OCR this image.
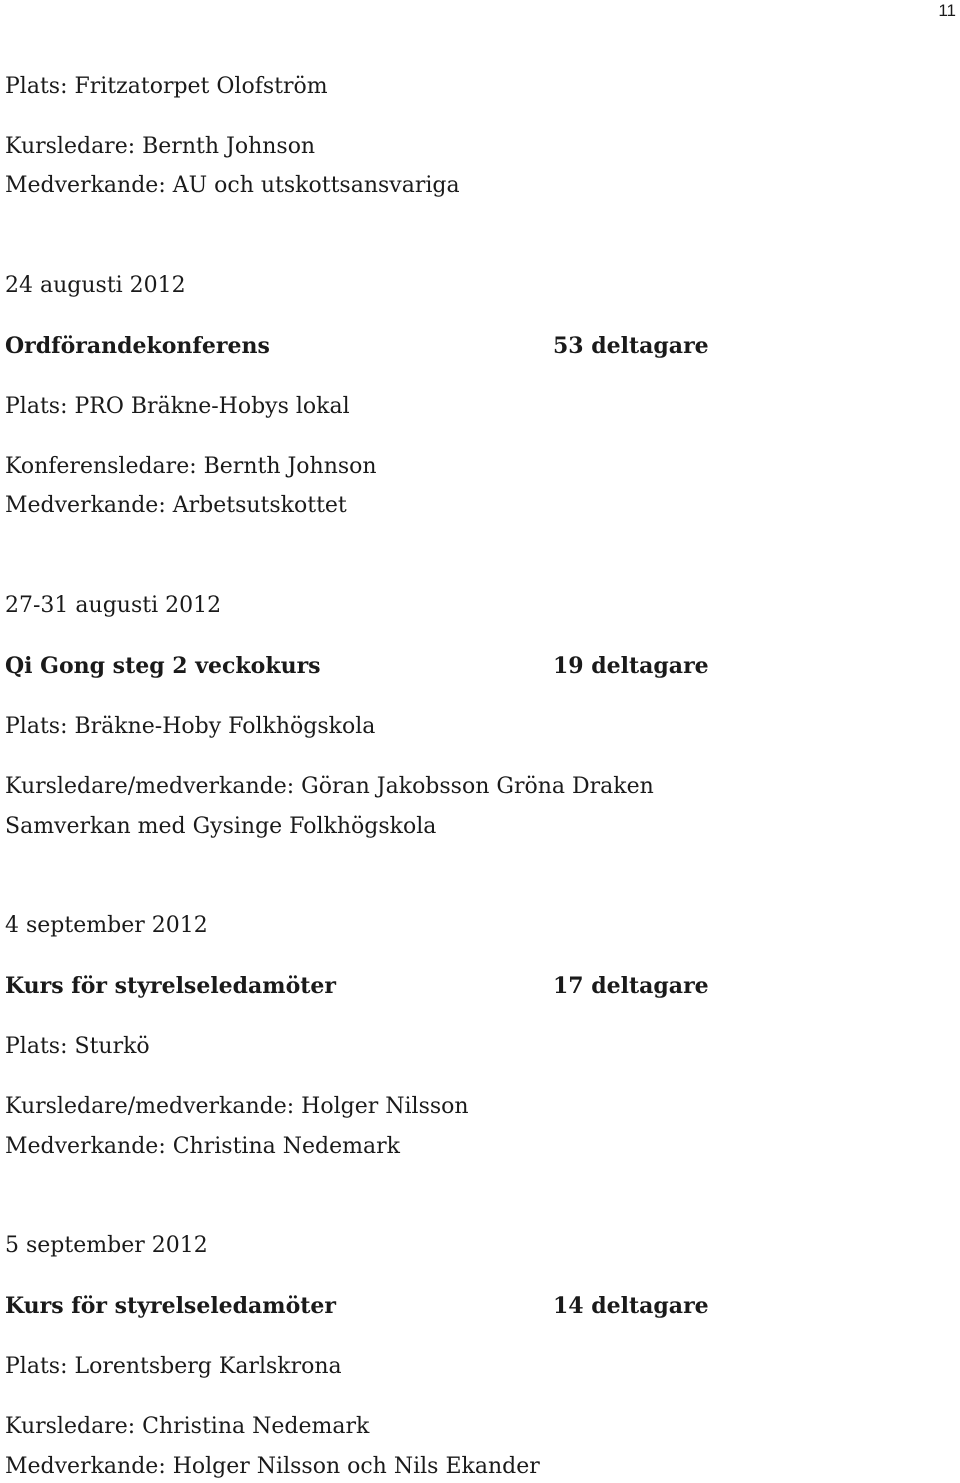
11
Plats: Fritzatorpet Olofström
Kursledare: Bernth Johnson
Medverkande: AU och utskottsansvariga
24 augusti 2012
Ordförandekonferens	53 deltagare
Plats: PRO Bräkne-Hobys lokal
Konferensledare: Bernth Johnson
Medverkande: Arbetsutskottet
27-31 augusti 2012
Qi Gong steg 2 veckokurs	19 deltagare
Plats: Bräkne-Hoby Folkhögskola
Kursledare/medverkande: Göran Jakobsson Gröna Draken
Samverkan med Gysinge Folkhögskola
4 september 2012
Kurs för styrelseledamöter	17 deltagare
Plats: Sturkö
Kursledare/medverkande: Holger Nilsson
Medverkande: Christina Nedemark
5 september 2012
Kurs för styrelseledamöter	14 deltagare
Plats: Lorentsberg Karlskrona
Kursledare: Christina Nedemark
Medverkande: Holger Nilsson och Nils Ekander
